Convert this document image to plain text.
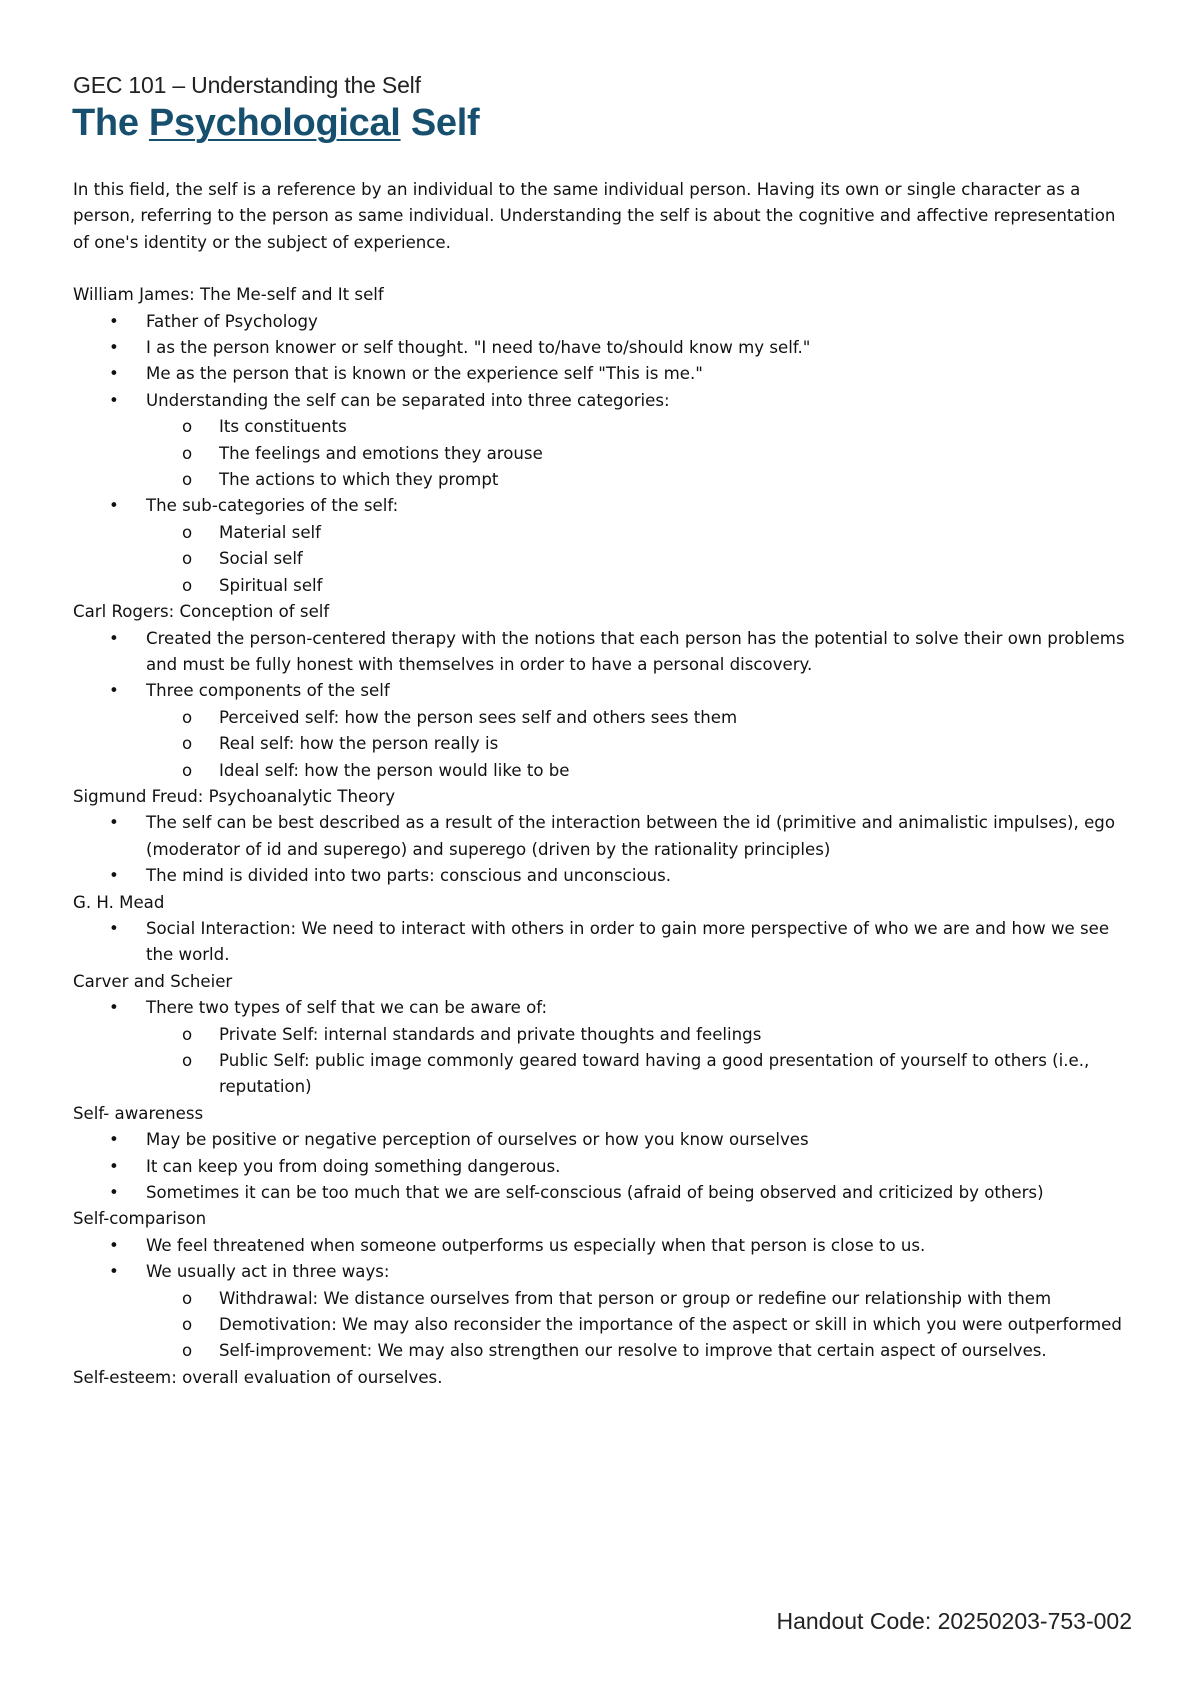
GEC 101 – Understanding the Self
The Psychological Self

In this field, the self is a reference by an individual to the same individual person. Having its own or single character as a person, referring to the person as same individual. Understanding the self is about the cognitive and affective representation of one's identity or the subject of experience.

William James: The Me-self and It self

• Father of Psychology
• I as the person knower or self thought. "I need to/have to/should know my self."
• Me as the person that is known or the experience self "This is me."
• Understanding the self can be separated into three categories:
o Its constituents
o The feelings and emotions they arouse
o The actions to which they prompt
• The sub-categories of the self:
o Material self
o Social self
o Spiritual self

Carl Rogers: Conception of self

• Created the person-centered therapy with the notions that each person has the potential to solve their own problems and must be fully honest with themselves in order to have a personal discovery.
• Three components of the self
o Perceived self: how the person sees self and others sees them
o Real self: how the person really is
o Ideal self: how the person would like to be

Sigmund Freud: Psychoanalytic Theory

• The self can be best described as a result of the interaction between the id (primitive and animalistic impulses), ego (moderator of id and superego) and superego (driven by the rationality principles)
• The mind is divided into two parts: conscious and unconscious.

G. H. Mead

• Social Interaction: We need to interact with others in order to gain more perspective of who we are and how we see the world.

Carver and Scheier

• There two types of self that we can be aware of:
o Private Self: internal standards and private thoughts and feelings
o Public Self: public image commonly geared toward having a good presentation of yourself to others (i.e., reputation)

Self- awareness

• May be positive or negative perception of ourselves or how you know ourselves
• It can keep you from doing something dangerous.
• Sometimes it can be too much that we are self-conscious (afraid of being observed and criticized by others)

Self-comparison

• We feel threatened when someone outperforms us especially when that person is close to us.
• We usually act in three ways:
o Withdrawal: We distance ourselves from that person or group or redefine our relationship with them
o Demotivation: We may also reconsider the importance of the aspect or skill in which you were outperformed
o Self-improvement: We may also strengthen our resolve to improve that certain aspect of ourselves.

Self-esteem: overall evaluation of ourselves.

Handout Code: 20250203-753-002
